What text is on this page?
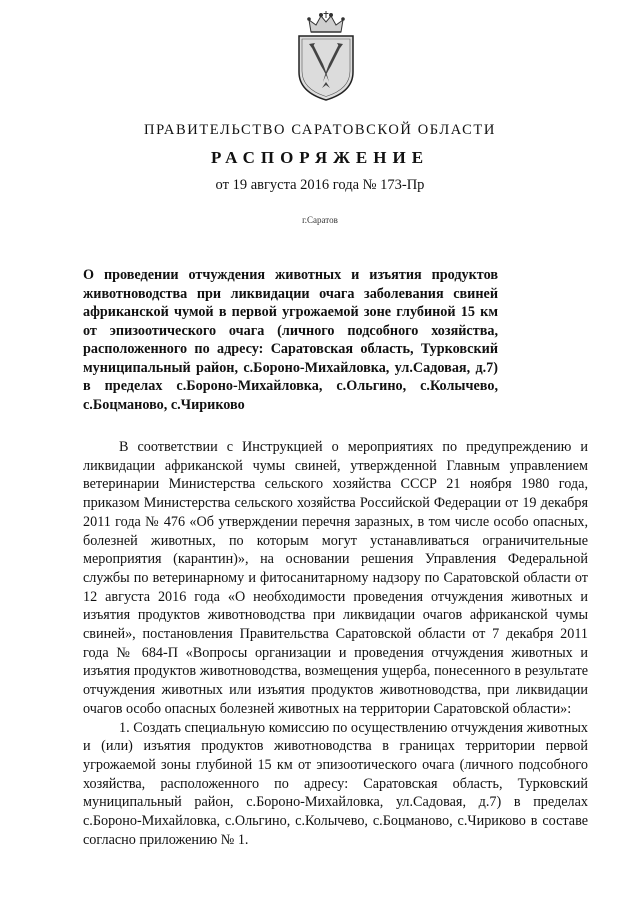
ПРАВИТЕЛЬСТВО САРАТОВСКОЙ ОБЛАСТИ
РАСПОРЯЖЕНИЕ
от 19 августа 2016 года № 173-Пр
г.Саратов
О проведении отчуждения животных и изъятия продуктов животноводства при ликвидации очага заболевания свиней африканской чумой в первой угрожаемой зоне глубиной 15 км от эпизоотического очага (личного подсобного хозяйства, расположенного по адресу: Саратовская область, Турковский муниципальный район, с.Бороно-Михайловка, ул.Садовая, д.7) в пределах с.Бороно-Михайловка, с.Ольгино, с.Колычево, с.Боцманово, с.Чириково

В соответствии с Инструкцией о мероприятиях по предупреждению и ликвидации африканской чумы свиней, утвержденной Главным управлением ветеринарии Министерства сельского хозяйства СССР 21 ноября 1980 года, приказом Министерства сельского хозяйства Российской Федерации от 19 декабря 2011 года № 476 «Об утверждении перечня заразных, в том числе особо опасных, болезней животных, по которым могут устанавливаться ограничительные мероприятия (карантин)», на основании решения Управления Федеральной службы по ветеринарному и фитосанитарному надзору по Саратовской области от 12 августа 2016 года «О необходимости проведения отчуждения животных и изъятия продуктов животноводства при ликвидации очагов африканской чумы свиней», постановления Правительства Саратовской области от 7 декабря 2011 года № 684-П «Вопросы организации и проведения отчуждения животных и изъятия продуктов животноводства, возмещения ущерба, понесенного в результате отчуждения животных или изъятия продуктов животноводства, при ликвидации очагов особо опасных болезней животных на территории Саратовской области»:

1. Создать специальную комиссию по осуществлению отчуждения животных и (или) изъятия продуктов животноводства в границах территории первой угрожаемой зоны глубиной 15 км от эпизоотического очага (личного подсобного хозяйства, расположенного по адресу: Саратовская область, Турковский муниципальный район, с.Бороно-Михайловка, ул.Садовая, д.7) в пределах с.Бороно-Михайловка, с.Ольгино, с.Колычево, с.Боцманово, с.Чириково в составе согласно приложению № 1.
